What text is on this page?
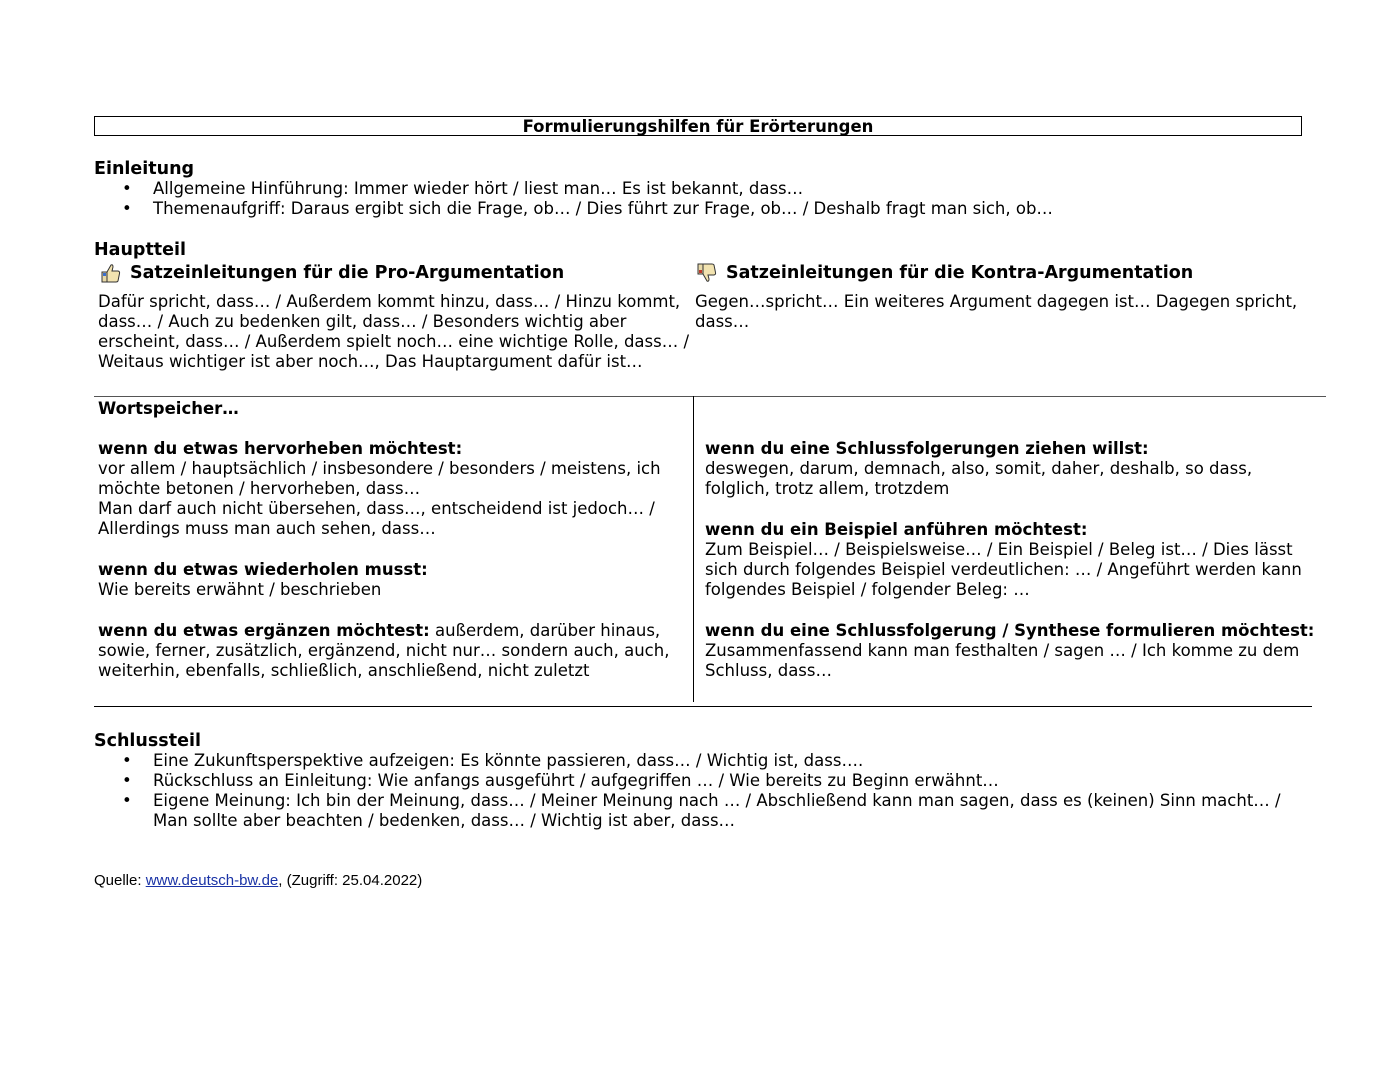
Formulierungshilfen für Erörterungen
Einleitung
• Allgemeine Hinführung: Immer wieder hört / liest man… Es ist bekannt, dass…
• Themenaufgriff: Daraus ergibt sich die Frage, ob… / Dies führt zur Frage, ob… / Deshalb fragt man sich, ob…
Hauptteil
Satzeinleitungen für die Pro-Argumentation
Dafür spricht, dass… / Außerdem kommt hinzu, dass… / Hinzu kommt, dass… / Auch zu bedenken gilt, dass… / Besonders wichtig aber erscheint, dass… / Außerdem spielt noch… eine wichtige Rolle, dass… / Weitaus wichtiger ist aber noch…, Das Hauptargument dafür ist…
Satzeinleitungen für die Kontra-Argumentation
Gegen…spricht… Ein weiteres Argument dagegen ist… Dagegen spricht, dass…
Wortspeicher…

wenn du etwas hervorheben möchtest:

vor allem / hauptsächlich / insbesondere / besonders / meistens, ich möchte betonen / hervorheben, dass…

Man darf auch nicht übersehen, dass…, entscheidend ist jedoch… / Allerdings muss man auch sehen, dass…

wenn du etwas wiederholen musst:

Wie bereits erwähnt / beschrieben

wenn du etwas ergänzen möchtest: außerdem, darüber hinaus, sowie, ferner, zusätzlich, ergänzend, nicht nur… sondern auch, auch, weiterhin, ebenfalls, schließlich, anschließend, nicht zuletzt

wenn du eine Schlussfolgerungen ziehen willst:

deswegen, darum, demnach, also, somit, daher, deshalb, so dass, folglich, trotz allem, trotzdem

wenn du ein Beispiel anführen möchtest:

Zum Beispiel… / Beispielsweise… / Ein Beispiel / Beleg ist… / Dies lässt sich durch folgendes Beispiel verdeutlichen: … / Angeführt werden kann folgendes Beispiel / folgender Beleg: …

wenn du eine Schlussfolgerung / Synthese formulieren möchtest:

Zusammenfassend kann man festhalten / sagen … / Ich komme zu dem Schluss, dass…

Schlussteil
• Eine Zukunftsperspektive aufzeigen: Es könnte passieren, dass… / Wichtig ist, dass….
• Rückschluss an Einleitung: Wie anfangs ausgeführt / aufgegriffen … / Wie bereits zu Beginn erwähnt…
• Eigene Meinung: Ich bin der Meinung, dass… / Meiner Meinung nach … / Abschließend kann man sagen, dass es (keinen) Sinn macht… / Man sollte aber beachten / bedenken, dass… / Wichtig ist aber, dass…
Quelle: www.deutsch-bw.de, (Zugriff: 25.04.2022)
